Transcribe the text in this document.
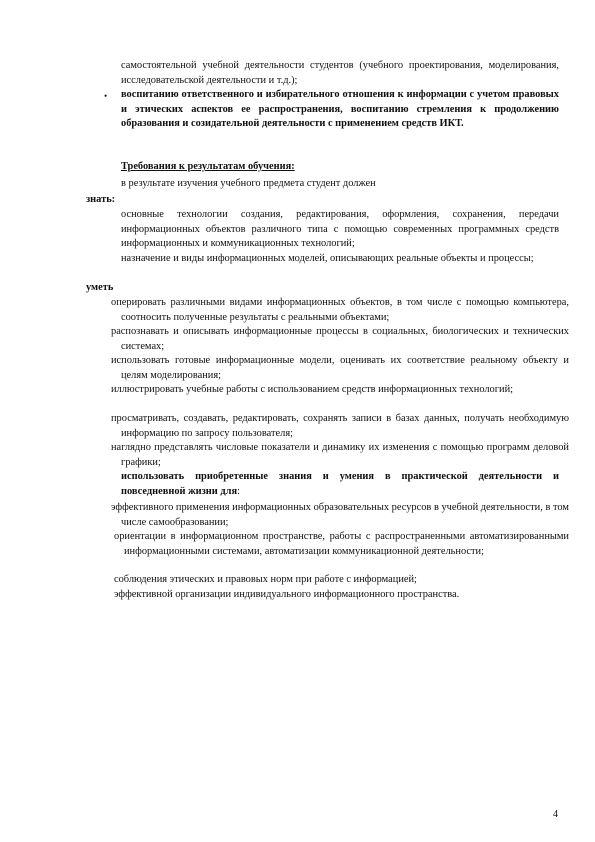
самостоятельной учебной деятельности студентов (учебного проектирования, моделирования, исследовательской деятельности и т.д.);
• воспитанию ответственного и избирательного отношения к информации с учетом правовых и этических аспектов ее распространения, воспитанию стремления к продолжению образования и созидательной деятельности с применением средств ИКТ.
Требования к результатам обучения:
в результате изучения учебного предмета студент должен
знать:
основные технологии создания, редактирования, оформления, сохранения, передачи информационных объектов различного типа с помощью современных программных средств информационных и коммуникационных технологий;
назначение и виды информационных моделей, описывающих реальные объекты и процессы;
уметь
оперировать различными видами информационных объектов, в том числе с помощью компьютера, соотносить полученные результаты с реальными объектами;
распознавать и описывать информационные процессы в социальных, биологических и технических системах;
использовать готовые информационные модели, оценивать их соответствие реальному объекту и целям моделирования;
иллюстрировать учебные работы с использованием средств информационных технологий;
просматривать, создавать, редактировать, сохранять записи в базах данных, получать необходимую информацию по запросу пользователя;
наглядно представлять числовые показатели и динамику их изменения с помощью программ деловой графики;
использовать приобретенные знания и умения в практической деятельности и повседневной жизни для:
эффективного применения информационных образовательных ресурсов в учебной деятельности, в том числе самообразовании;
ориентации в информационном пространстве, работы с распространенными автоматизированными информационными системами, автоматизации коммуникационной деятельности;
соблюдения этических и правовых норм при работе с информацией;
эффективной организации индивидуального информационного пространства.
4
